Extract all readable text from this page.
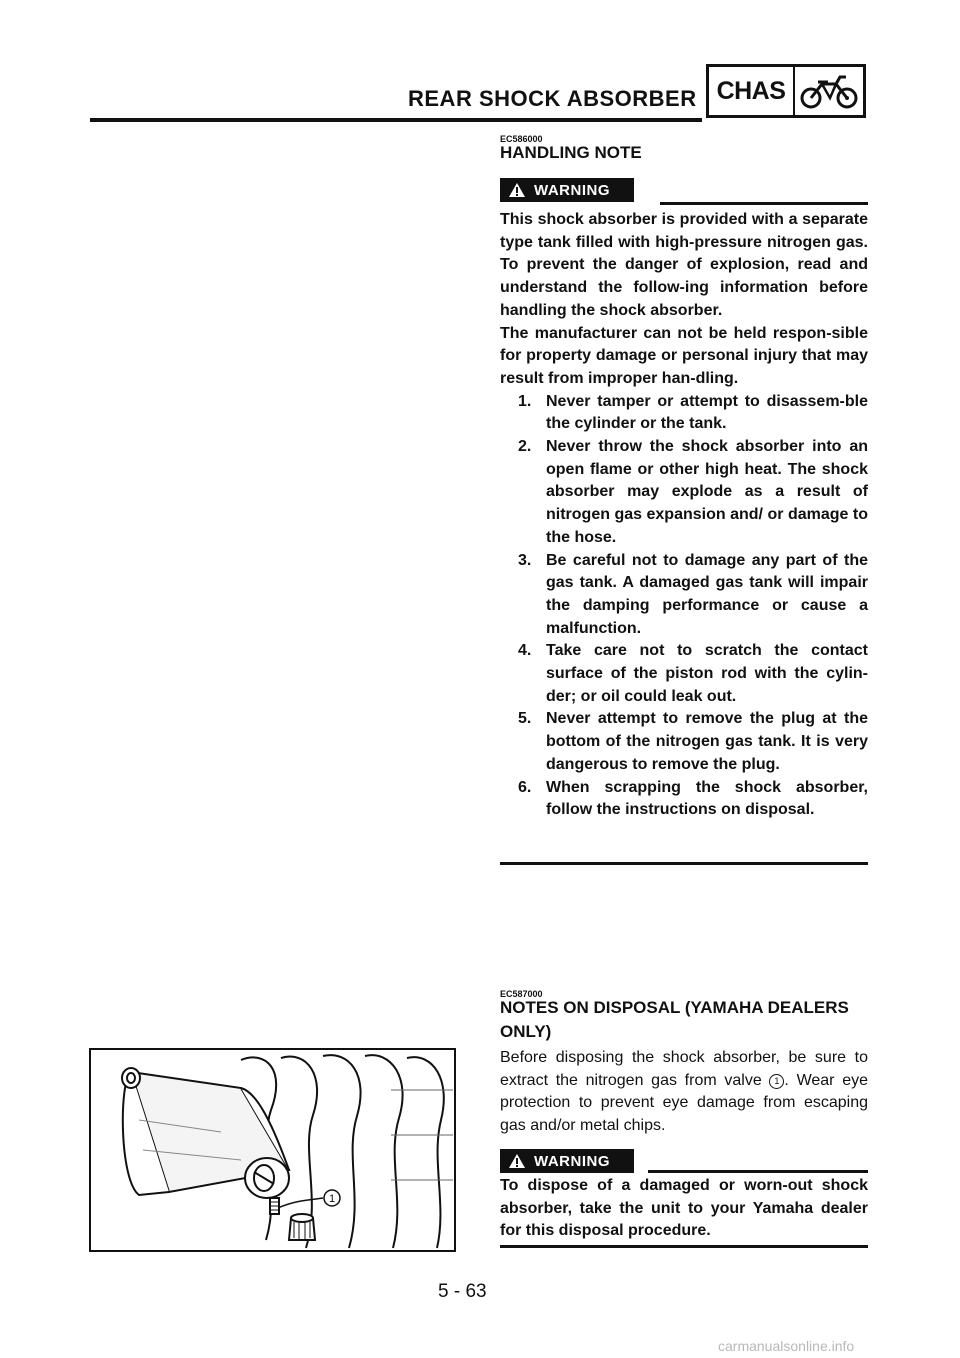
REAR SHOCK ABSORBER CHAS
EC586000
HANDLING NOTE
WARNING
This shock absorber is provided with a separate type tank filled with high-pressure nitrogen gas. To prevent the danger of explosion, read and understand the follow-ing information before handling the shock absorber.
The manufacturer can not be held respon-sible for property damage or personal injury that may result from improper han-dling.
1. Never tamper or attempt to disassem-ble the cylinder or the tank.
2. Never throw the shock absorber into an open flame or other high heat. The shock absorber may explode as a result of nitrogen gas expansion and/ or damage to the hose.
3. Be careful not to damage any part of the gas tank. A damaged gas tank will impair the damping performance or cause a malfunction.
4. Take care not to scratch the contact surface of the piston rod with the cylin-der; or oil could leak out.
5. Never attempt to remove the plug at the bottom of the nitrogen gas tank. It is very dangerous to remove the plug.
6. When scrapping the shock absorber, follow the instructions on disposal.
EC587000
NOTES ON DISPOSAL (YAMAHA DEALERS ONLY)
Before disposing the shock absorber, be sure to extract the nitrogen gas from valve 1 . Wear eye protection to prevent eye damage from escaping gas and/or metal chips.
WARNING
To dispose of a damaged or worn-out shock absorber, take the unit to your Yamaha dealer for this disposal procedure.
1
5 - 63
carmanualsonline.info
